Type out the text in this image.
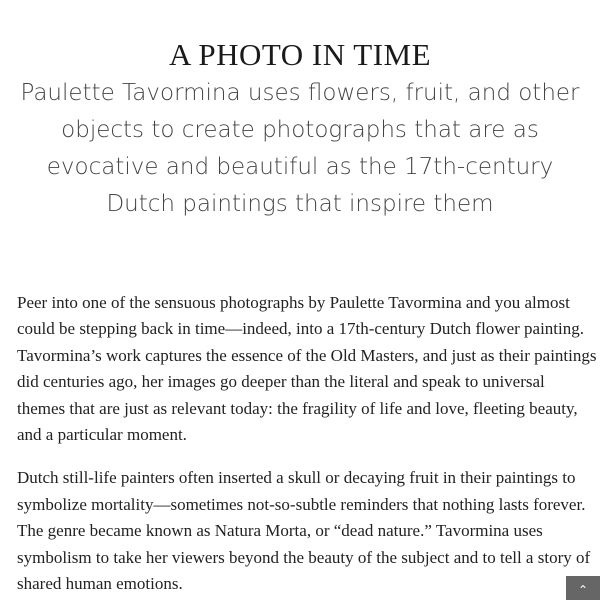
A PHOTO IN TIME
Paulette Tavormina uses flowers, fruit, and other objects to create photographs that are as evocative and beautiful as the 17th-century Dutch paintings that inspire them

Peer into one of the sensuous photographs by Paulette Tavormina and you almost could be stepping back in time—indeed, into a 17th-century Dutch flower painting. Tavormina’s work captures the essence of the Old Masters, and just as their paintings did centuries ago, her images go deeper than the literal and speak to universal themes that are just as relevant today: the fragility of life and love, fleeting beauty, and a particular moment.

Dutch still-life painters often inserted a skull or decaying fruit in their paintings to symbolize mortality—sometimes not-so-subtle reminders that nothing lasts forever. The genre became known as Natura Morta, or “dead nature.” Tavormina uses symbolism to take her viewers beyond the beauty of the subject and to tell a story of shared human emotions.	⌃
